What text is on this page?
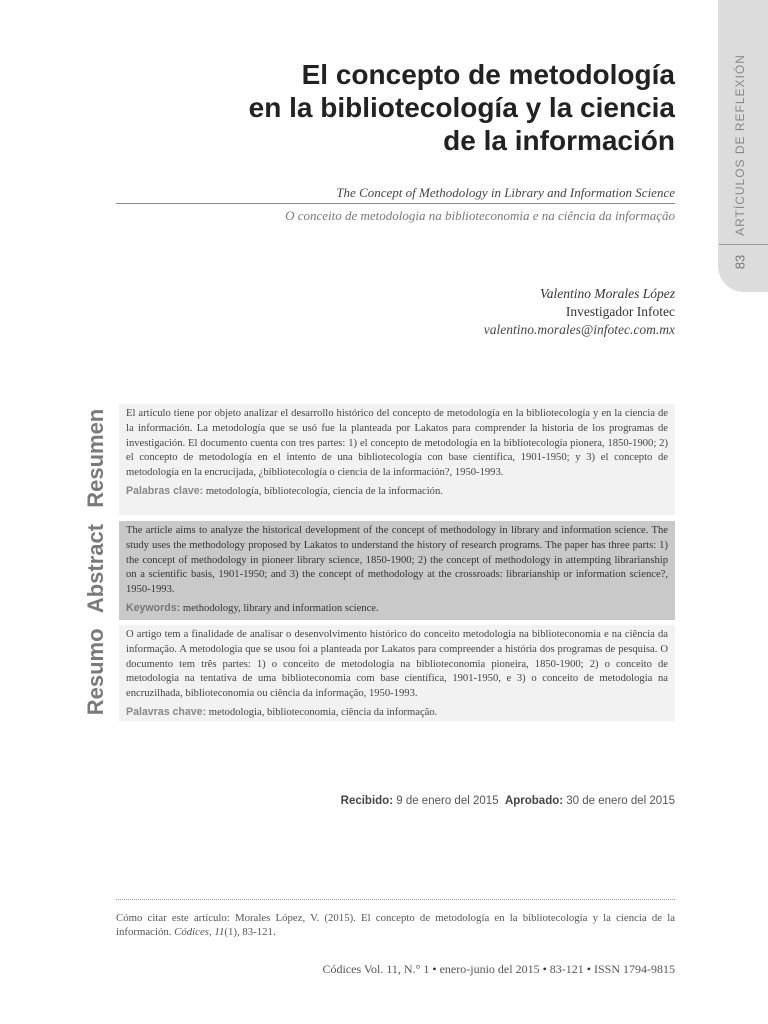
ARTÍCULOS DE REFLEXIÓN
83
El concepto de metodología
en la bibliotecología y la ciencia
de la información
The Concept of Methodology in Library and Information Science
O conceito de metodologia na biblioteconomia e na ciência da informação
Valentino Morales López
Investigador Infotec
valentino.morales@infotec.com.mx
Resumo Abstract Resumen El artículo tiene por objeto analizar el desarrollo histórico del concepto de metodología en la bibliotecología y en la ciencia de la información. La metodología que se usó fue la planteada por Lakatos para comprender la historia de los programas de investigación. El documento cuenta con tres partes: 1) el concepto de metodología en la bibliotecología pionera, 1850-1900; 2) el concepto de metodología en el intento de una bibliotecología con base científica, 1901-1950; y 3) el concepto de metodología en la encrucijada, ¿bibliotecología o ciencia de la información?, 1950-1993.

Palabras clave: metodología, bibliotecología, ciencia de la información.

The article aims to analyze the historical development of the concept of methodology in library and information science. The study uses the methodology proposed by Lakatos to understand the history of research programs. The paper has three parts: 1) the concept of methodology in pioneer library science, 1850-1900; 2) the concept of methodology in attempting librarianship on a scientific basis, 1901-1950; and 3) the concept of methodology at the crossroads: librarianship or information science?, 1950-1993.

Keywords: methodology, library and information science.

O artigo tem a finalidade de analisar o desenvolvimento histórico do conceito metodologia na biblioteconomia e na ciência da informação. A metodologia que se usou foi a planteada por Lakatos para compreender a história dos programas de pesquisa. O documento tem três partes: 1) o conceito de metodologia na biblioteconomia pioneira, 1850-1900; 2) o conceito de metodologia na tentativa de uma biblioteconomia com base científica, 1901-1950, e 3) o conceito de metodologia na encruzilhada, biblioteconomia ou ciência da informação, 1950-1993.

Palavras chave: metodologia, biblioteconomia, ciência da informação.

Recibido: 9 de enero del 2015 Aprobado: 30 de enero del 2015
Cómo citar este artículo: Morales López, V. (2015). El concepto de metodología en la bibliotecología y la ciencia de la información. Códices, 11(1), 83-121.
Códices Vol. 11, N.° 1 • enero-junio del 2015 • 83-121 • ISSN 1794-9815
